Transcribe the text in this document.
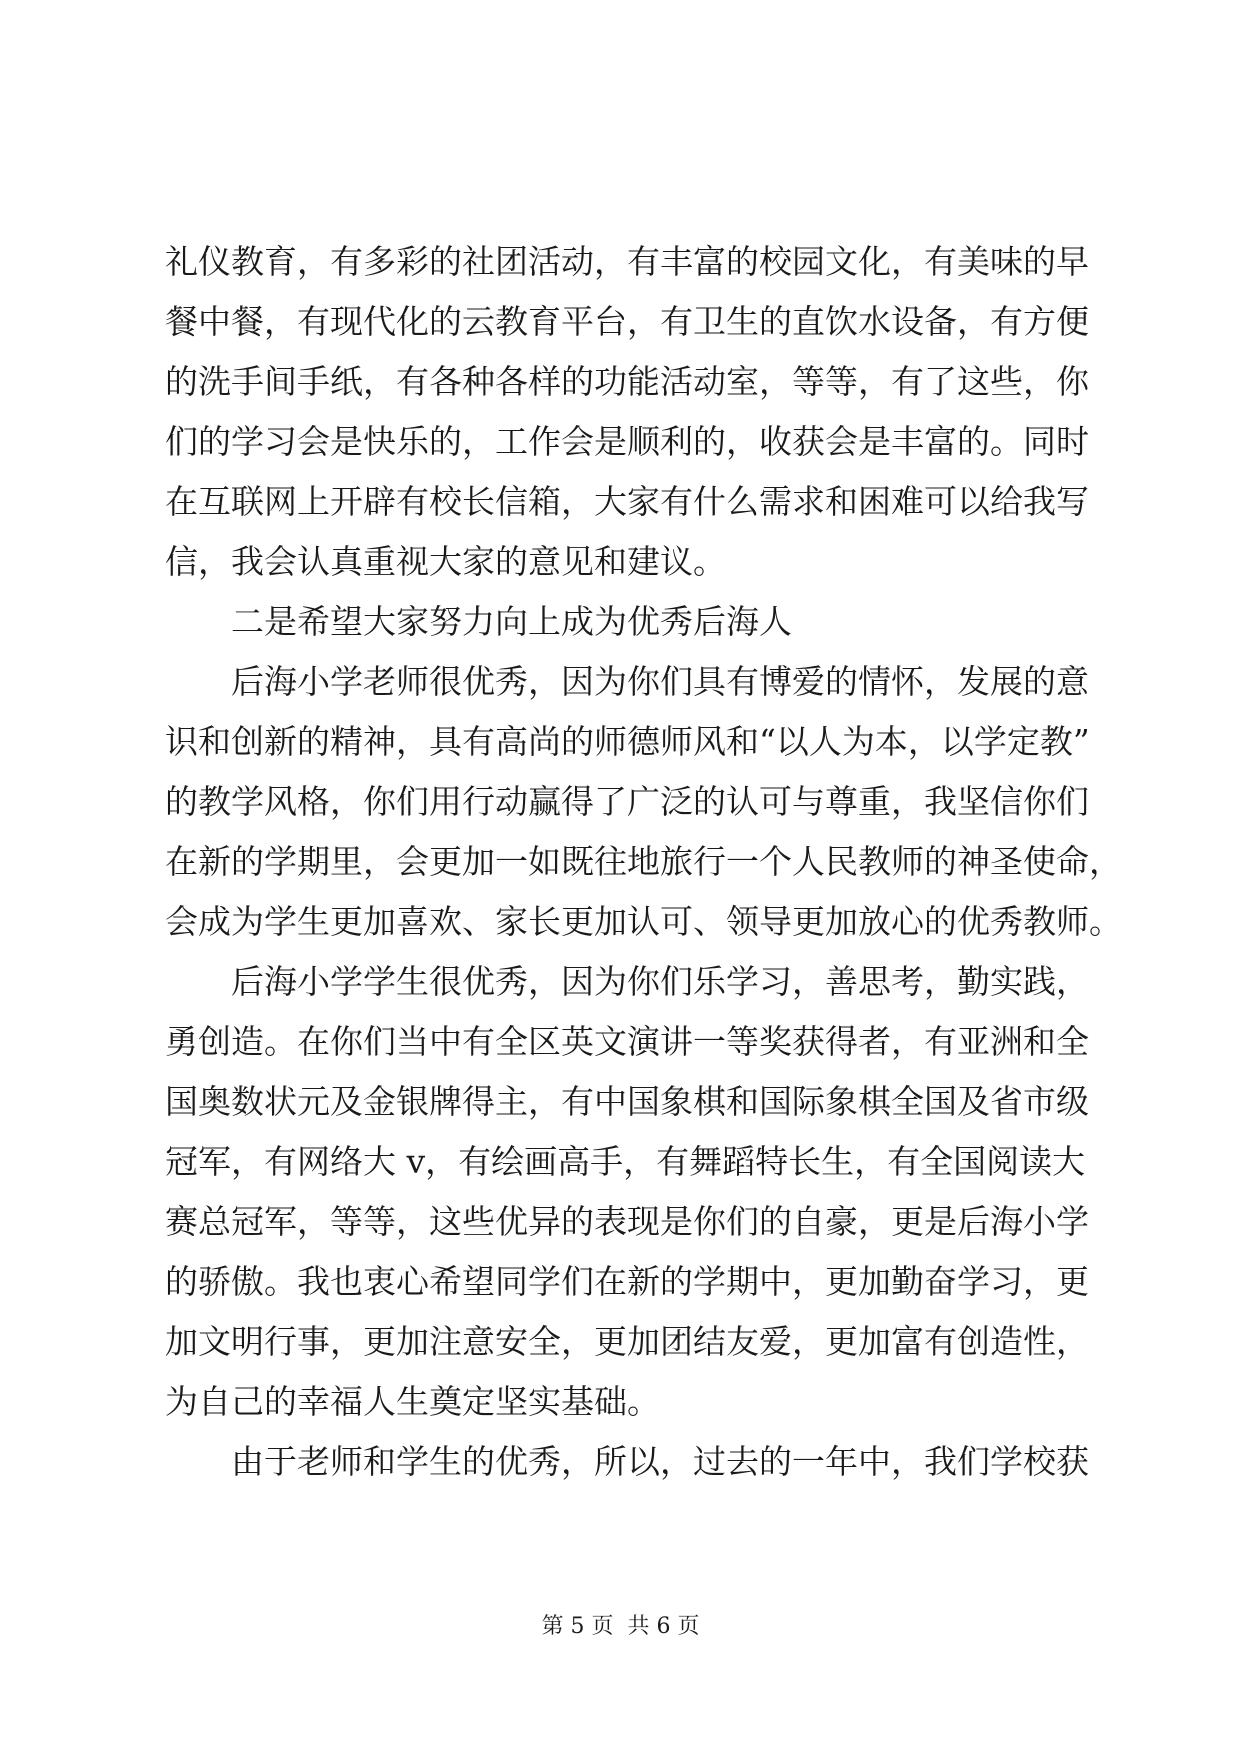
礼仪教育，有多彩的社团活动，有丰富的校园文化，有美味的早
餐中餐，有现代化的云教育平台，有卫生的直饮水设备，有方便
的洗手间手纸，有各种各样的功能活动室，等等，有了这些，你
们的学习会是快乐的，工作会是顺利的，收获会是丰富的。同时
在互联网上开辟有校长信箱，大家有什么需求和困难可以给我写
信，我会认真重视大家的意见和建议。
二是希望大家努力向上成为优秀后海人
后海小学老师很优秀，因为你们具有博爱的情怀，发展的意
识和创新的精神，具有高尚的师德师风和“以人为本，以学定教”
的教学风格，你们用行动赢得了广泛的认可与尊重，我坚信你们
在新的学期里，会更加一如既往地旅行一个人民教师的神圣使命，
会成为学生更加喜欢、家长更加认可、领导更加放心的优秀教师。
后海小学学生很优秀，因为你们乐学习，善思考，勤实践，
勇创造。在你们当中有全区英文演讲一等奖获得者，有亚洲和全
国奥数状元及金银牌得主，有中国象棋和国际象棋全国及省市级
冠军，有网络大 v，有绘画高手，有舞蹈特长生，有全国阅读大
赛总冠军，等等，这些优异的表现是你们的自豪，更是后海小学
的骄傲。我也衷心希望同学们在新的学期中，更加勤奋学习，更
加文明行事，更加注意安全，更加团结友爱，更加富有创造性，
为自己的幸福人生奠定坚实基础。
由于老师和学生的优秀，所以，过去的一年中，我们学校获
第 5 页 共 6 页
